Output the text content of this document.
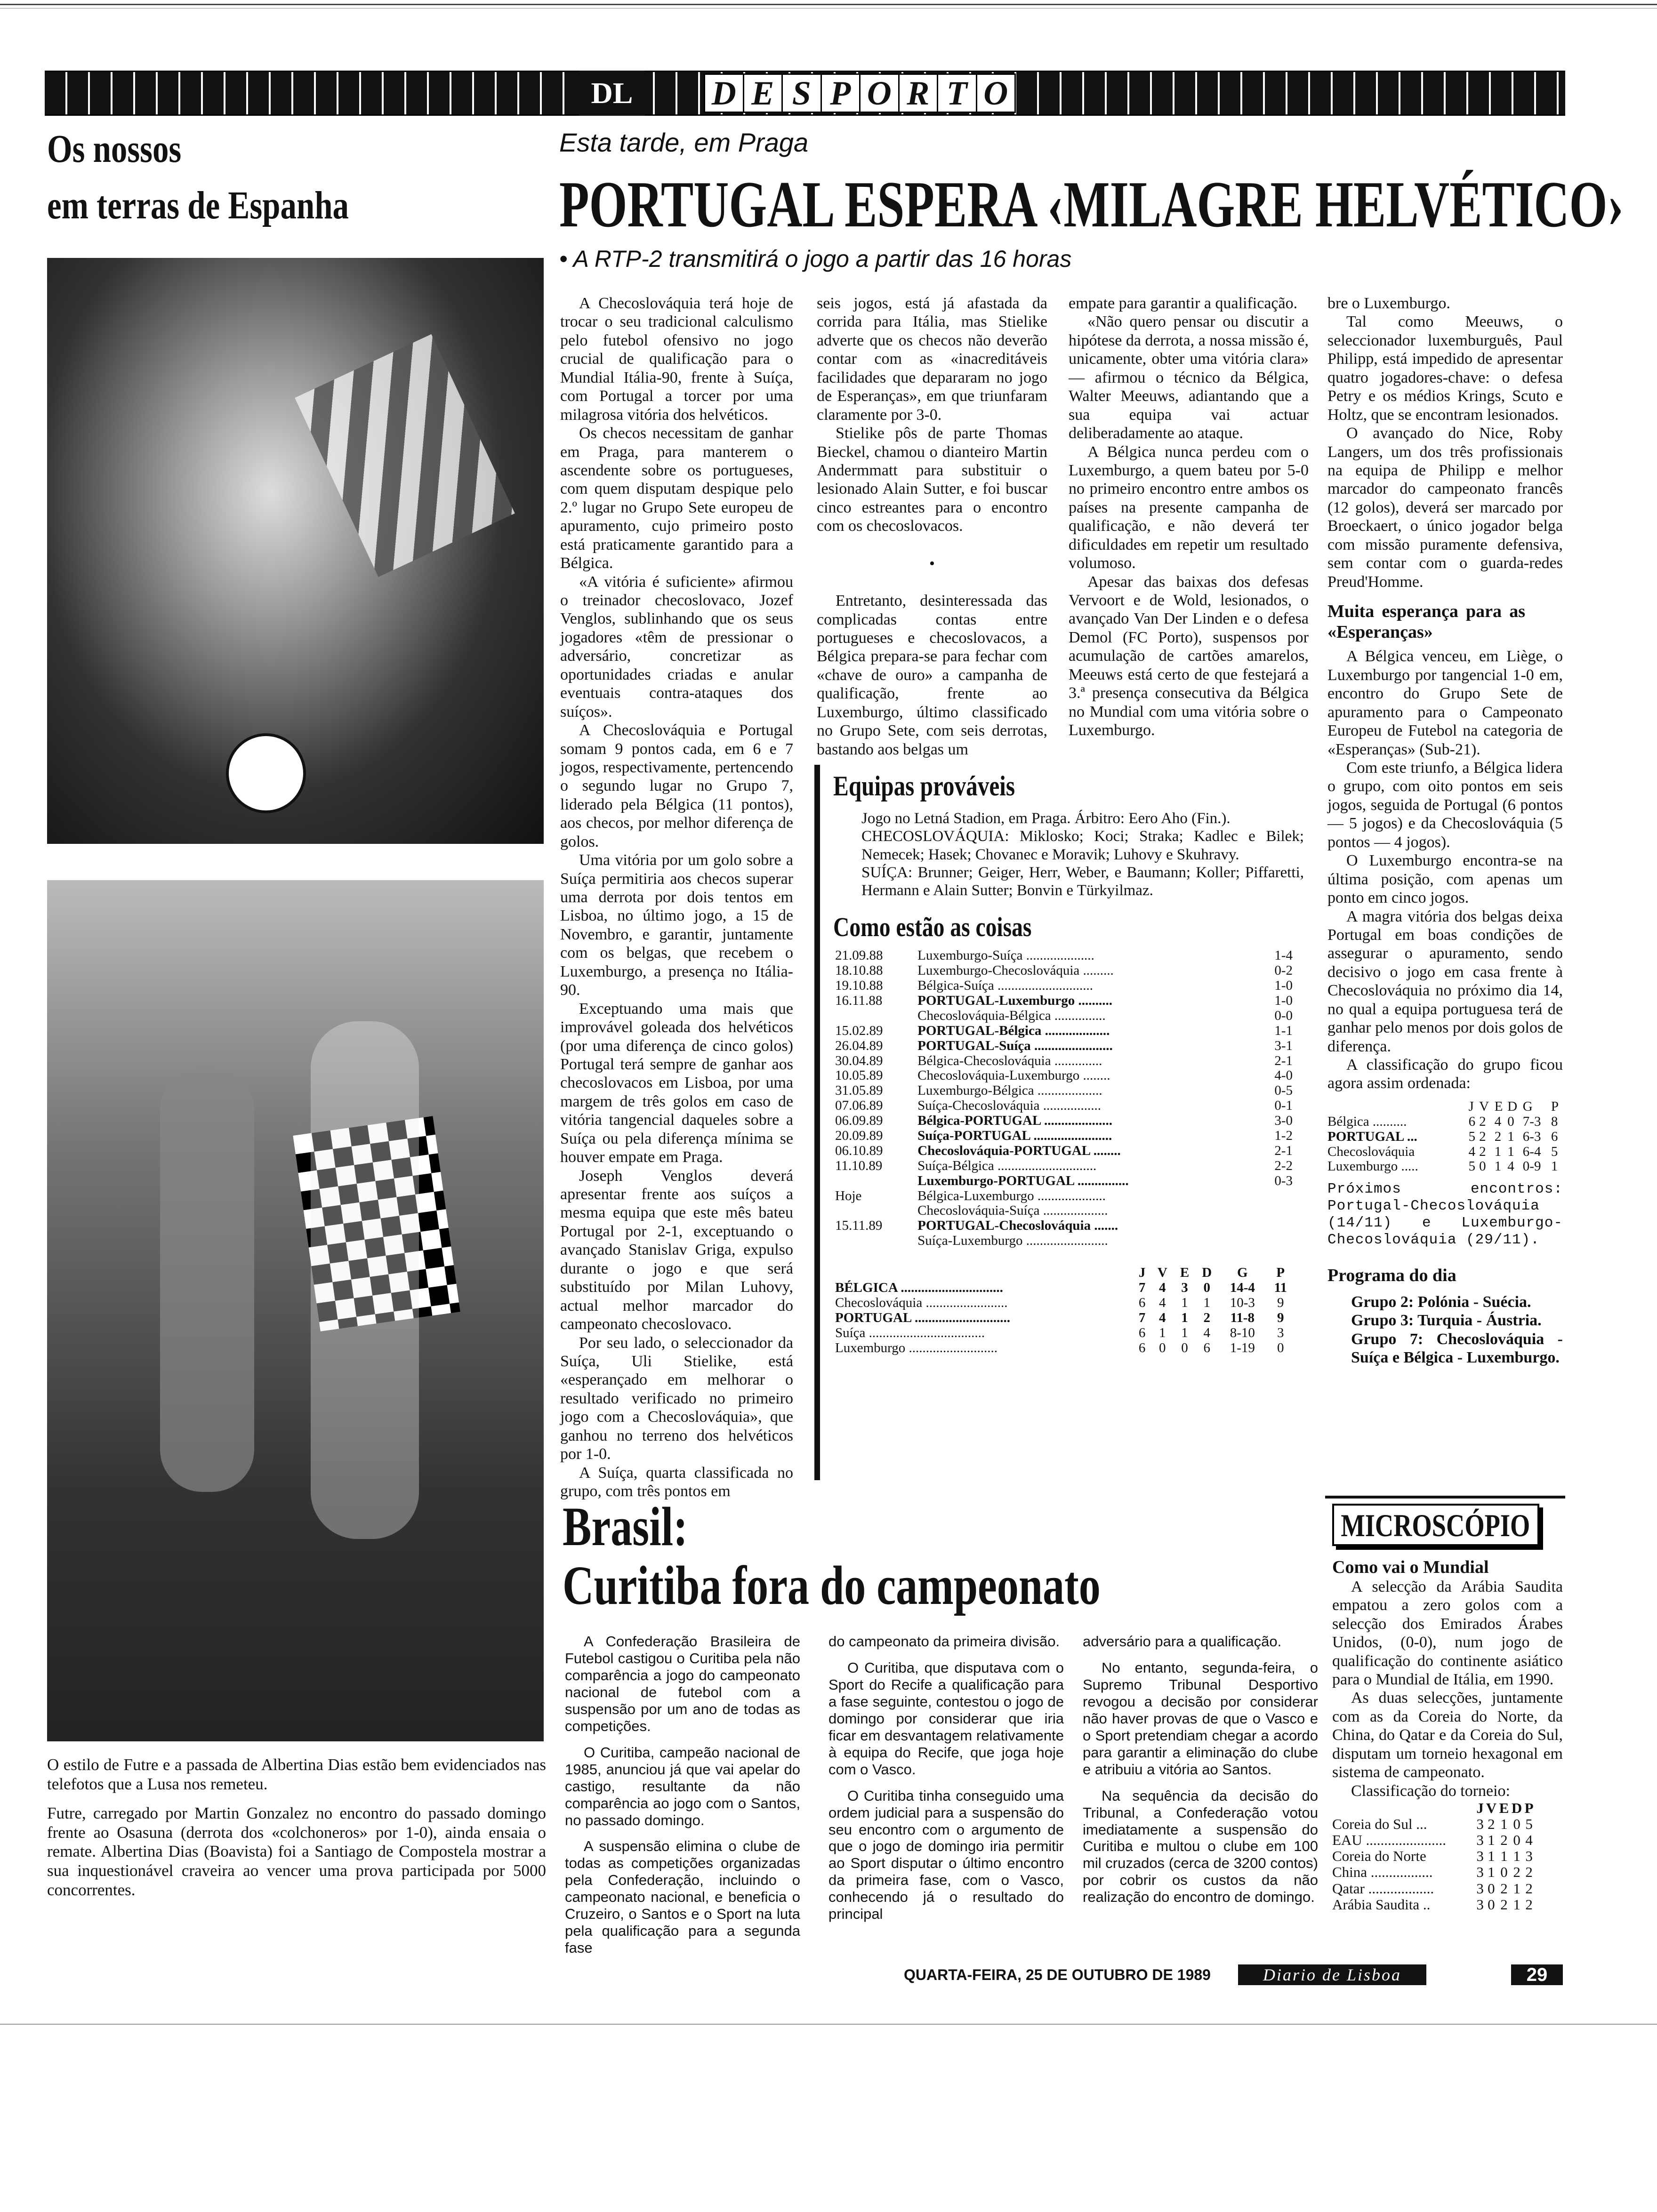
DL	D E S P O R T O
Os nossos
em terras de Espanha

O estilo de Futre e a passada de Albertina Dias estão bem evidenciados nas telefotos que a Lusa nos remeteu.

Futre, carregado por Martin Gonzalez no encontro do passado domingo frente ao Osasuna (derrota dos «colchoneros» por 1-0), ainda ensaia o remate. Albertina Dias (Boavista) foi a Santiago de Compostela mostrar a sua inquestionável craveira ao vencer uma prova participada por 5000 concorrentes.

Esta tarde, em Praga
PORTUGAL ESPERA ‹MILAGRE HELVÉTICO›
• A RTP-2 transmitirá o jogo a partir das 16 horas

A Checoslováquia terá hoje de trocar o seu tradicional calculismo pelo futebol ofensivo no jogo crucial de qualificação para o Mundial Itália-90, frente à Suíça, com Portugal a torcer por uma milagrosa vitória dos helvéticos.

Os checos necessitam de ganhar em Praga, para manterem o ascendente sobre os portugueses, com quem disputam despique pelo 2.º lugar no Grupo Sete europeu de apuramento, cujo primeiro posto está praticamente garantido para a Bélgica.

«A vitória é suficiente» afirmou o treinador checoslovaco, Jozef Venglos, sublinhando que os seus jogadores «têm de pressionar o adversário, concretizar as oportunidades criadas e anular eventuais contra-ataques dos suíços».

A Checoslováquia e Portugal somam 9 pontos cada, em 6 e 7 jogos, respectivamente, pertencendo o segundo lugar no Grupo 7, liderado pela Bélgica (11 pontos), aos checos, por melhor diferença de golos.

Uma vitória por um golo sobre a Suíça permitiria aos checos superar uma derrota por dois tentos em Lisboa, no último jogo, a 15 de Novembro, e garantir, juntamente com os belgas, que recebem o Luxemburgo, a presença no Itália-90.

Exceptuando uma mais que improvável goleada dos helvéticos (por uma diferença de cinco golos) Portugal terá sempre de ganhar aos checoslovacos em Lisboa, por uma margem de três golos em caso de vitória tangencial daqueles sobre a Suíça ou pela diferença mínima se houver empate em Praga.

Joseph Venglos deverá apresentar frente aos suíços a mesma equipa que este mês bateu Portugal por 2-1, exceptuando o avançado Stanislav Griga, expulso durante o jogo e que será substituído por Milan Luhovy, actual melhor marcador do campeonato checoslovaco.

Por seu lado, o seleccionador da Suíça, Uli Stielike, está «esperançado em melhorar o resultado verificado no primeiro jogo com a Checoslováquia», que ganhou no terreno dos helvéticos por 1-0.

A Suíça, quarta classificada no grupo, com três pontos em

seis jogos, está já afastada da corrida para Itália, mas Stielike adverte que os checos não deverão contar com as «inacreditáveis facilidades que depararam no jogo de Esperanças», em que triunfaram claramente por 3-0.

Stielike pôs de parte Thomas Bieckel, chamou o dianteiro Martin Andermmatt para substituir o lesionado Alain Sutter, e foi buscar cinco estreantes para o encontro com os checoslovacos.

•

Entretanto, desinteressada das complicadas contas entre portugueses e checoslovacos, a Bélgica prepara-se para fechar com «chave de ouro» a campanha de qualificação, frente ao Luxemburgo, último classificado no Grupo Sete, com seis derrotas, bastando aos belgas um

empate para garantir a qualificação.

«Não quero pensar ou discutir a hipótese da derrota, a nossa missão é, unicamente, obter uma vitória clara» — afirmou o técnico da Bélgica, Walter Meeuws, adiantando que a sua equipa vai actuar deliberadamente ao ataque.

A Bélgica nunca perdeu com o Luxemburgo, a quem bateu por 5-0 no primeiro encontro entre ambos os países na presente campanha de qualificação, e não deverá ter dificuldades em repetir um resultado volumoso.

Apesar das baixas dos defesas Vervoort e de Wold, lesionados, o avançado Van Der Linden e o defesa Demol (FC Porto), suspensos por acumulação de cartões amarelos, Meeuws está certo de que festejará a 3.ª presença consecutiva da Bélgica no Mundial com uma vitória sobre o Luxemburgo.

bre o Luxemburgo.

Tal como Meeuws, o seleccionador luxemburguês, Paul Philipp, está impedido de apresentar quatro jogadores-chave: o defesa Petry e os médios Krings, Scuto e Holtz, que se encontram lesionados.

O avançado do Nice, Roby Langers, um dos três profissionais na equipa de Philipp e melhor marcador do campeonato francês (12 golos), deverá ser marcado por Broeckaert, o único jogador belga com missão puramente defensiva, sem contar com o guarda-redes Preud'Homme.

Muita esperança para as «Esperanças»

A Bélgica venceu, em Liège, o Luxemburgo por tangencial 1-0 em, encontro do Grupo Sete de apuramento para o Campeonato Europeu de Futebol na categoria de «Esperanças» (Sub-21).

Com este triunfo, a Bélgica lidera o grupo, com oito pontos em seis jogos, seguida de Portugal (6 pontos — 5 jogos) e da Checoslováquia (5 pontos — 4 jogos).

O Luxemburgo encontra-se na última posição, com apenas um ponto em cinco jogos.

A magra vitória dos belgas deixa Portugal em boas condições de assegurar o apuramento, sendo decisivo o jogo em casa frente à Checoslováquia no próximo dia 14, no qual a equipa portuguesa terá de ganhar pelo menos por dois golos de diferença.

A classificação do grupo ficou agora assim ordenada:

	J	V	E	D	G	P
Bélgica ..........	6	2	4	0	7-3	8
PORTUGAL ...	5	2	2	1	6-3	6
Checoslováquia	4	2	1	1	6-4	5
Luxemburgo .....	5	0	1	4	0-9	1

Próximos encontros: Portugal-Checoslováquia (14/11) e Luxemburgo-Checoslováquia (29/11).

Programa do dia

Grupo 2: Polónia - Suécia.

Grupo 3: Turquia - Áustria.

Grupo 7: Checoslováquia - Suíça e Bélgica - Luxemburgo.

Equipas prováveis
Jogo no Letná Stadion, em Praga. Árbitro: Eero Aho (Fin.).
CHECOSLOVÁQUIA: Miklosko; Koci; Straka; Kadlec e Bilek; Nemecek; Hasek; Chovanec e Moravik; Luhovy e Skuhravy.
SUÍÇA: Brunner; Geiger, Herr, Weber, e Baumann; Koller; Piffaretti, Hermann e Alain Sutter; Bonvin e Türkyilmaz.
Como estão as coisas
21.09.88	Luxemburgo-Suíça ....................	1-4
18.10.88	Luxemburgo-Checoslováquia .........	0-2
19.10.88	Bélgica-Suíça ............................	1-0
16.11.88	PORTUGAL-Luxemburgo ..........	1-0
	Checoslováquia-Bélgica ...............	0-0
15.02.89	PORTUGAL-Bélgica ...................	1-1
26.04.89	PORTUGAL-Suíça .......................	3-1
30.04.89	Bélgica-Checoslováquia ..............	2-1
10.05.89	Checoslováquia-Luxemburgo ........	4-0
31.05.89	Luxemburgo-Bélgica ...................	0-5
07.06.89	Suíça-Checoslováquia .................	0-1
06.09.89	Bélgica-PORTUGAL ....................	3-0
20.09.89	Suíça-PORTUGAL .......................	1-2
06.10.89	Checoslováquia-PORTUGAL ........	2-1
11.10.89	Suíça-Bélgica .............................	2-2
	Luxemburgo-PORTUGAL ...............	0-3
Hoje	Bélgica-Luxemburgo ....................	
	Checoslováquia-Suíça ...................	
15.11.89	PORTUGAL-Checoslováquia .......	
	Suíça-Luxemburgo ........................	
	J	V	E	D	G	P
BÉLGICA ..............................	7	4	3	0	14-4	11
Checoslováquia ........................	6	4	1	1	10-3	9
PORTUGAL ............................	7	4	1	2	11-8	9
Suíça ..................................	6	1	1	4	8-10	3
Luxemburgo ..........................	6	0	0	6	1-19	0
Brasil:
Curitiba fora do campeonato

A Confederação Brasileira de Futebol castigou o Curitiba pela não comparência a jogo do campeonato nacional de futebol com a suspensão por um ano de todas as competições.

O Curitiba, campeão nacional de 1985, anunciou já que vai apelar do castigo, resultante da não comparência ao jogo com o Santos, no passado domingo.

A suspensão elimina o clube de todas as competições organizadas pela Confederação, incluindo o campeonato nacional, e beneficia o Cruzeiro, o Santos e o Sport na luta pela qualificação para a segunda fase

do campeonato da primeira divisão.

O Curitiba, que disputava com o Sport do Recife a qualificação para a fase seguinte, contestou o jogo de domingo por considerar que iria ficar em desvantagem relativamente à equipa do Recife, que joga hoje com o Vasco.

O Curitiba tinha conseguido uma ordem judicial para a suspensão do seu encontro com o argumento de que o jogo de domingo iria permitir ao Sport disputar o último encontro da primeira fase, com o Vasco, conhecendo já o resultado do principal

adversário para a qualificação.

No entanto, segunda-feira, o Supremo Tribunal Desportivo revogou a decisão por considerar não haver provas de que o Vasco e o Sport pretendiam chegar a acordo para garantir a eliminação do clube e atribuiu a vitória ao Santos.

Na sequência da decisão do Tribunal, a Confederação votou imediatamente a suspensão do Curitiba e multou o clube em 100 mil cruzados (cerca de 3200 contos) por cobrir os custos da não realização do encontro de domingo.

MICROSCÓPIO
Como vai o Mundial

A selecção da Arábia Saudita empatou a zero golos com a selecção dos Emirados Árabes Unidos, (0-0), num jogo de qualificação do continente asiático para o Mundial de Itália, em 1990.

As duas selecções, juntamente com as da Coreia do Norte, da China, do Qatar e da Coreia do Sul, disputam um torneio hexagonal em sistema de campeonato.

Classificação do torneio:

	J	V	E	D	P
Coreia do Sul ...	3	2	1	0	5
EAU ......................	3	1	2	0	4
Coreia do Norte	3	1	1	1	3
China .................	3	1	0	2	2
Qatar ..................	3	0	2	1	2
Arábia Saudita ..	3	0	2	1	2
QUARTA-FEIRA, 25 DE OUTUBRO DE 1989	Diario de Lisboa	29
